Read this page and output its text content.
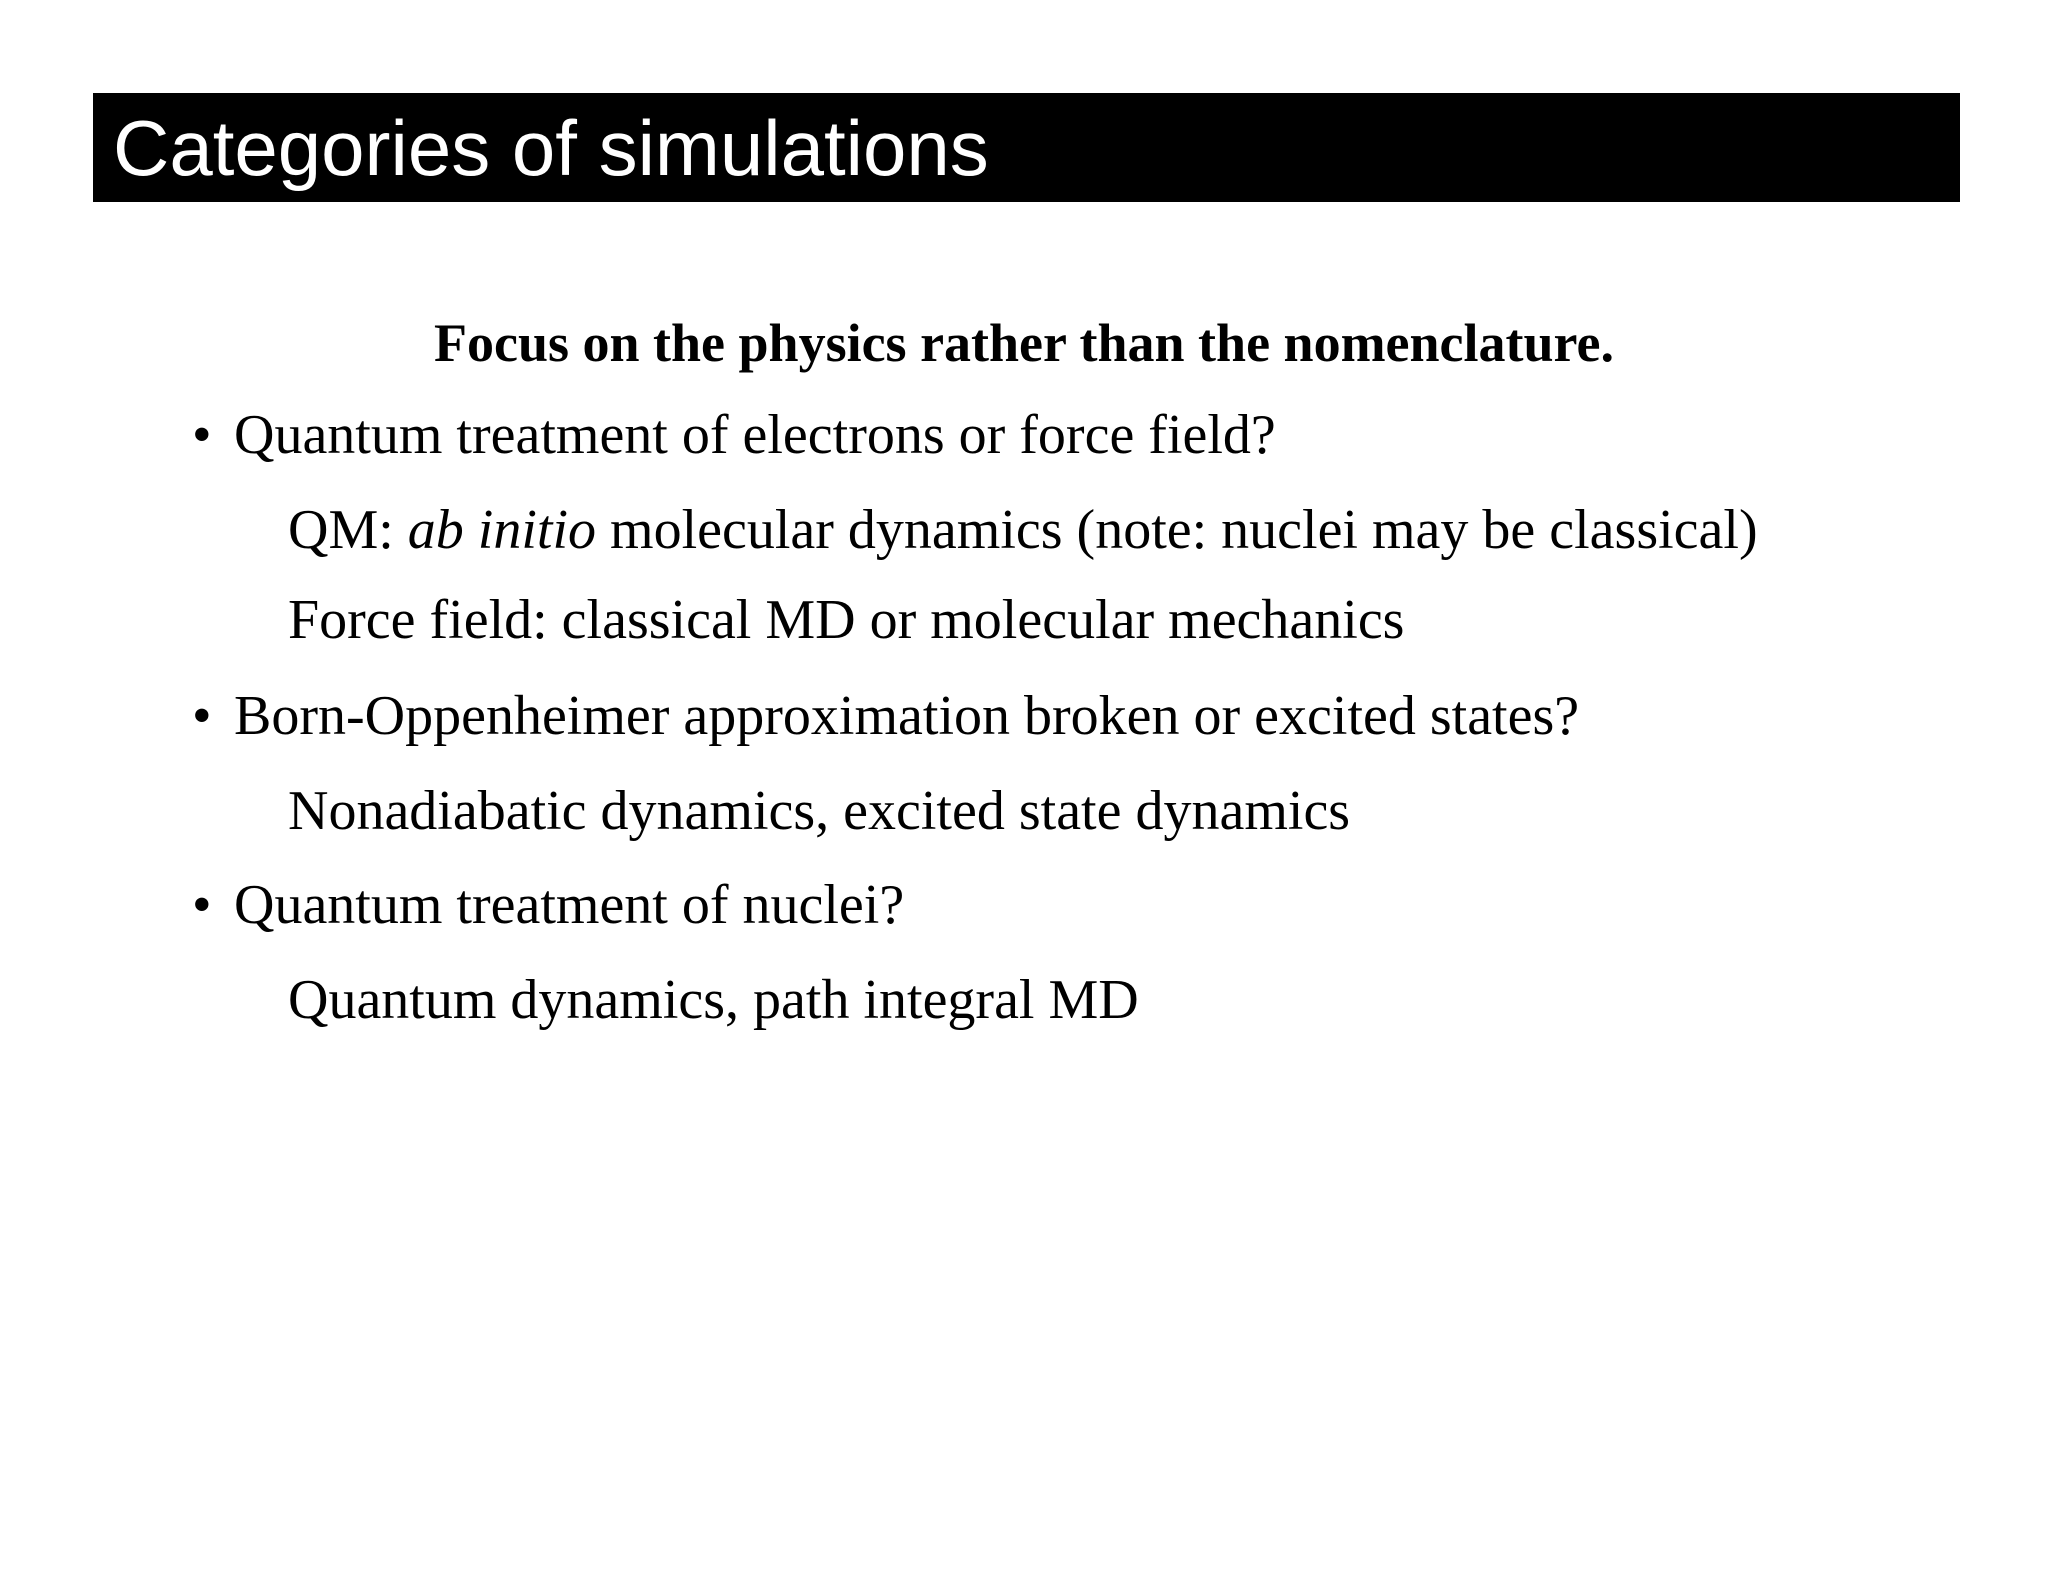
Categories of simulations
Focus on the physics rather than the nomenclature.
• Quantum treatment of electrons or force field?
QM: ab initio molecular dynamics (note: nuclei may be classical)
Force field: classical MD or molecular mechanics
• Born-Oppenheimer approximation broken or excited states?
Nonadiabatic dynamics, excited state dynamics
• Quantum treatment of nuclei?
Quantum dynamics, path integral MD
